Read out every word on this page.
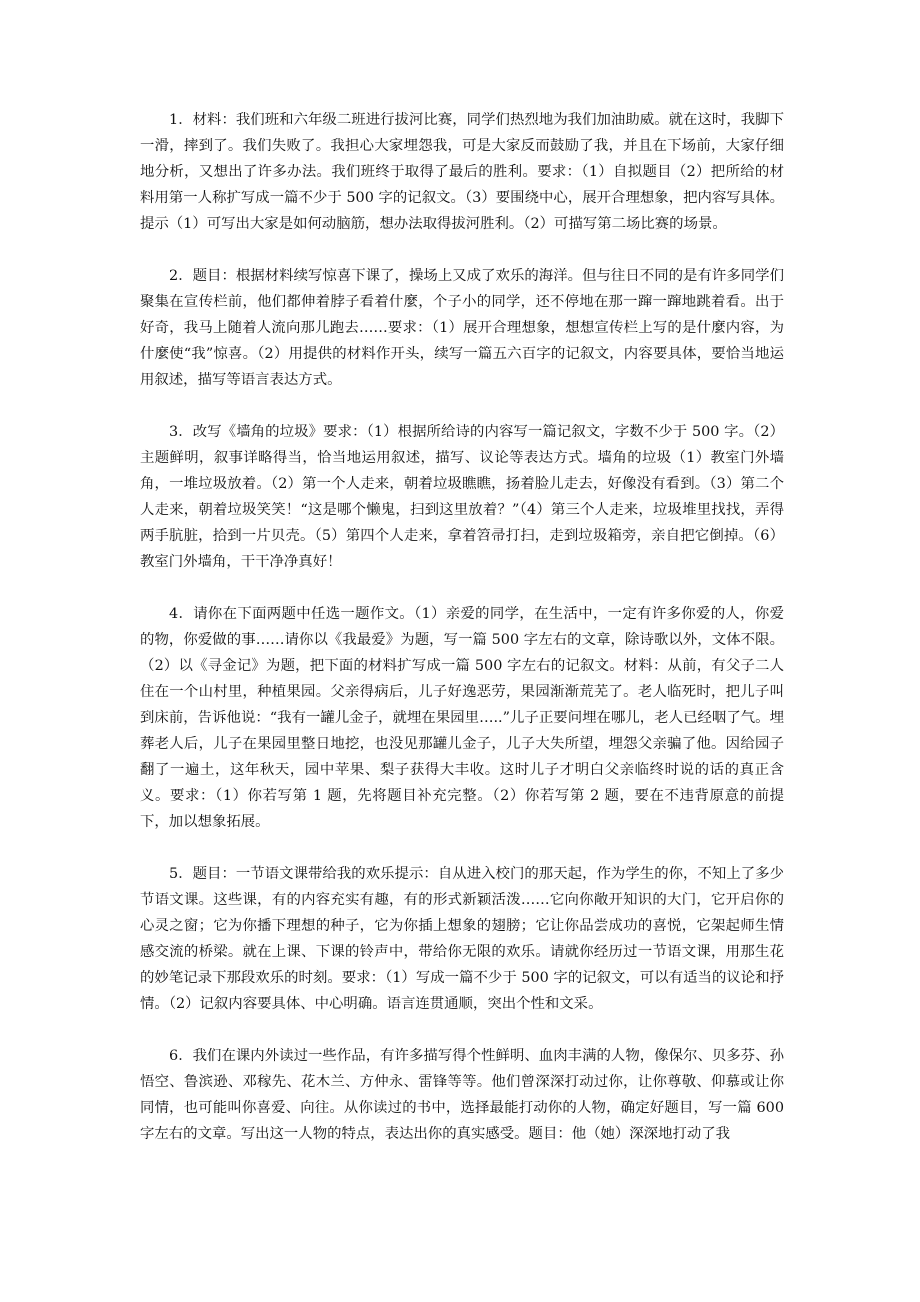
1．材料：我们班和六年级二班进行拔河比赛，同学们热烈地为我们加油助威。就在这时，我脚下一滑，摔到了。我们失败了。我担心大家埋怨我，可是大家反而鼓励了我，并且在下场前，大家仔细地分析，又想出了许多办法。我们班终于取得了最后的胜利。要求：（1）自拟题目（2）把所给的材料用第一人称扩写成一篇不少于 500 字的记叙文。（3）要围绕中心，展开合理想象，把内容写具体。提示（1）可写出大家是如何动脑筋，想办法取得拔河胜利。（2）可描写第二场比赛的场景。

2．题目：根据材料续写惊喜下课了，操场上又成了欢乐的海洋。但与往日不同的是有许多同学们聚集在宣传栏前，他们都伸着脖子看着什麼，个子小的同学，还不停地在那一蹿一蹿地跳着看。出于好奇，我马上随着人流向那儿跑去……要求：（1）展开合理想象，想想宣传栏上写的是什麼内容，为什麼使“我”惊喜。（2）用提供的材料作开头，续写一篇五六百字的记叙文，内容要具体，要恰当地运用叙述，描写等语言表达方式。

3．改写《墙角的垃圾》要求：（1）根据所给诗的内容写一篇记叙文，字数不少于 500 字。（2）主题鲜明，叙事详略得当，恰当地运用叙述，描写、议论等表达方式。墙角的垃圾（1）教室门外墙角，一堆垃圾放着。（2）第一个人走来，朝着垃圾瞧瞧，扬着脸儿走去，好像没有看到。（3）第二个人走来，朝着垃圾笑笑！“这是哪个懒鬼，扫到这里放着？”（4）第三个人走来，垃圾堆里找找，弄得两手肮脏，拾到一片贝壳。（5）第四个人走来，拿着笤帚打扫，走到垃圾箱旁，亲自把它倒掉。（6）教室门外墙角，干干净净真好！

4．请你在下面两题中任选一题作文。（1）亲爱的同学，在生活中，一定有许多你爱的人，你爱的物，你爱做的事……请你以《我最爱》为题，写一篇 500 字左右的文章，除诗歌以外，文体不限。（2）以《寻金记》为题，把下面的材料扩写成一篇 500 字左右的记叙文。材料：从前，有父子二人住在一个山村里，种植果园。父亲得病后，儿子好逸恶劳，果园渐渐荒芜了。老人临死时，把儿子叫到床前，告诉他说：“我有一罐儿金子，就埋在果园里…..”儿子正要问埋在哪儿，老人已经咽了气。埋葬老人后，儿子在果园里整日地挖，也没见那罐儿金子，儿子大失所望，埋怨父亲骗了他。因给园子翻了一遍土，这年秋天，园中苹果、梨子获得大丰收。这时儿子才明白父亲临终时说的话的真正含义。要求：（1）你若写第 1 题，先将题目补充完整。（2）你若写第 2 题，要在不违背原意的前提下，加以想象拓展。

5．题目：一节语文课带给我的欢乐提示：自从进入校门的那天起，作为学生的你，不知上了多少节语文课。这些课，有的内容充实有趣，有的形式新颖活泼……它向你敞开知识的大门，它开启你的心灵之窗；它为你播下理想的种子，它为你插上想象的翅膀；它让你品尝成功的喜悦，它架起师生情感交流的桥梁。就在上课、下课的铃声中，带给你无限的欢乐。请就你经历过一节语文课，用那生花的妙笔记录下那段欢乐的时刻。要求：（1）写成一篇不少于 500 字的记叙文，可以有适当的议论和抒情。（2）记叙内容要具体、中心明确。语言连贯通顺，突出个性和文采。

6．我们在课内外读过一些作品，有许多描写得个性鲜明、血肉丰满的人物，像保尔、贝多芬、孙悟空、鲁滨逊、邓稼先、花木兰、方仲永、雷锋等等。他们曾深深打动过你，让你尊敬、仰慕或让你同情，也可能叫你喜爱、向往。从你读过的书中，选择最能打动你的人物，确定好题目，写一篇 600 字左右的文章。写出这一人物的特点，表达出你的真实感受。题目：他（她）深深地打动了我
